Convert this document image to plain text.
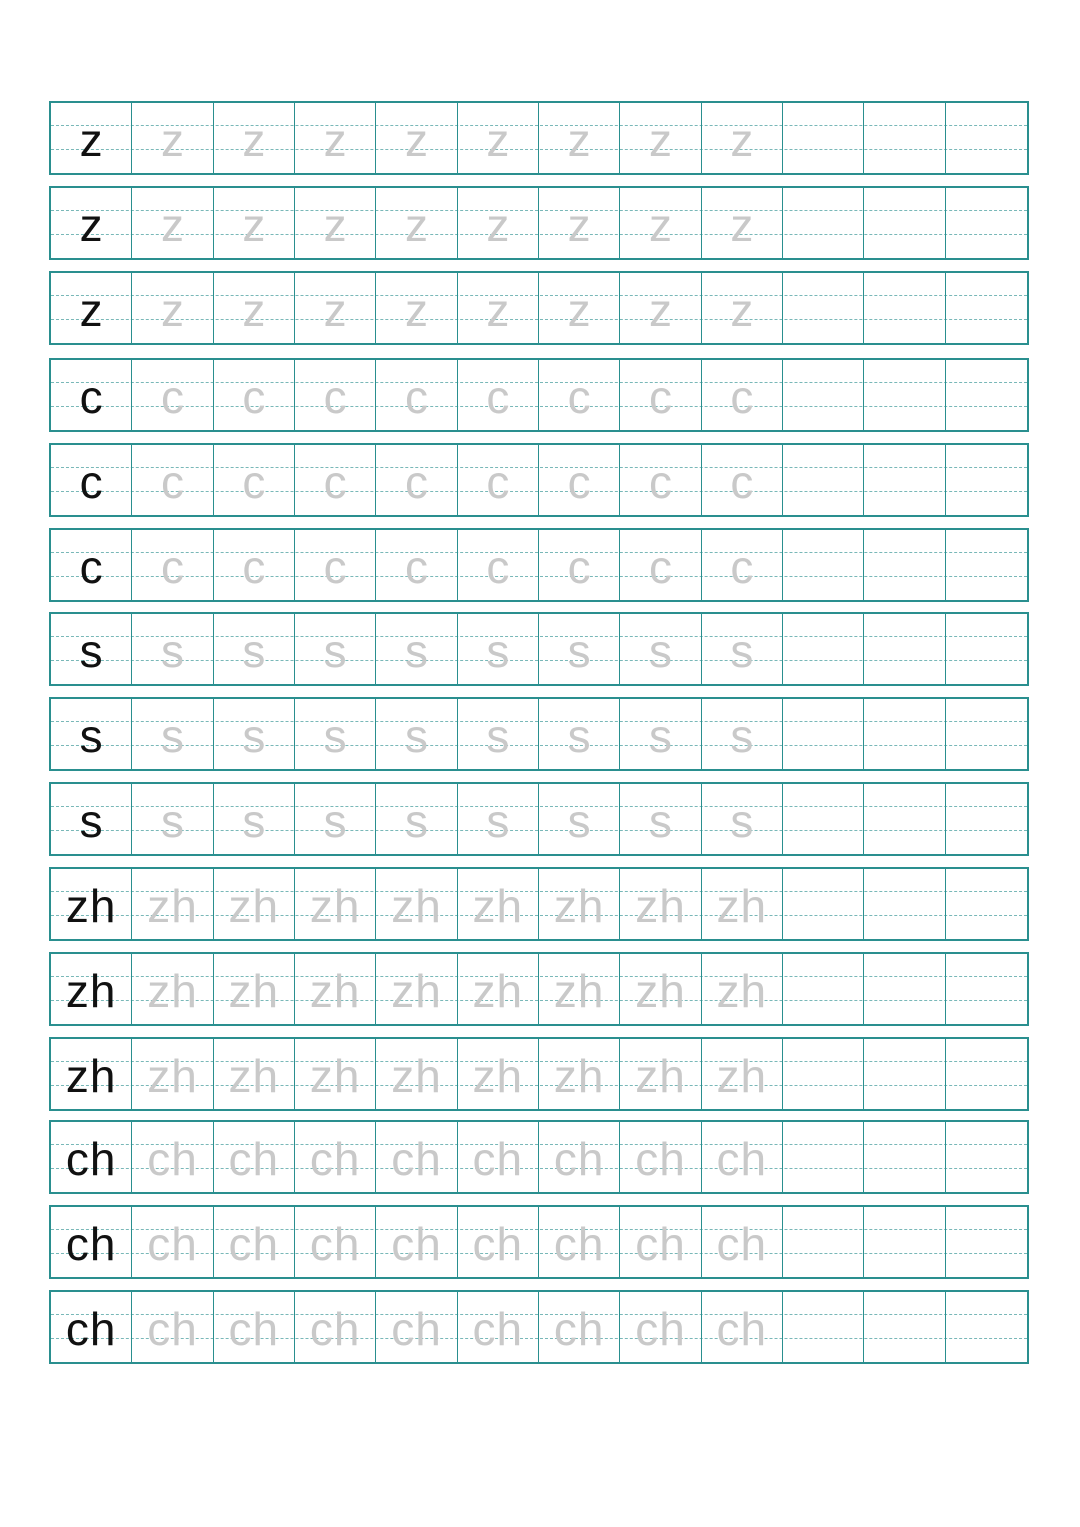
z z z z z z z z z
z z z z z z z z z
z z z z z z z z z
c c c c c c c c c
c c c c c c c c c
c c c c c c c c c
s s s s s s s s s
s s s s s s s s s
s s s s s s s s s
zh zh zh zh zh zh zh zh zh
zh zh zh zh zh zh zh zh zh
zh zh zh zh zh zh zh zh zh
ch ch ch ch ch ch ch ch ch
ch ch ch ch ch ch ch ch ch
ch ch ch ch ch ch ch ch ch
